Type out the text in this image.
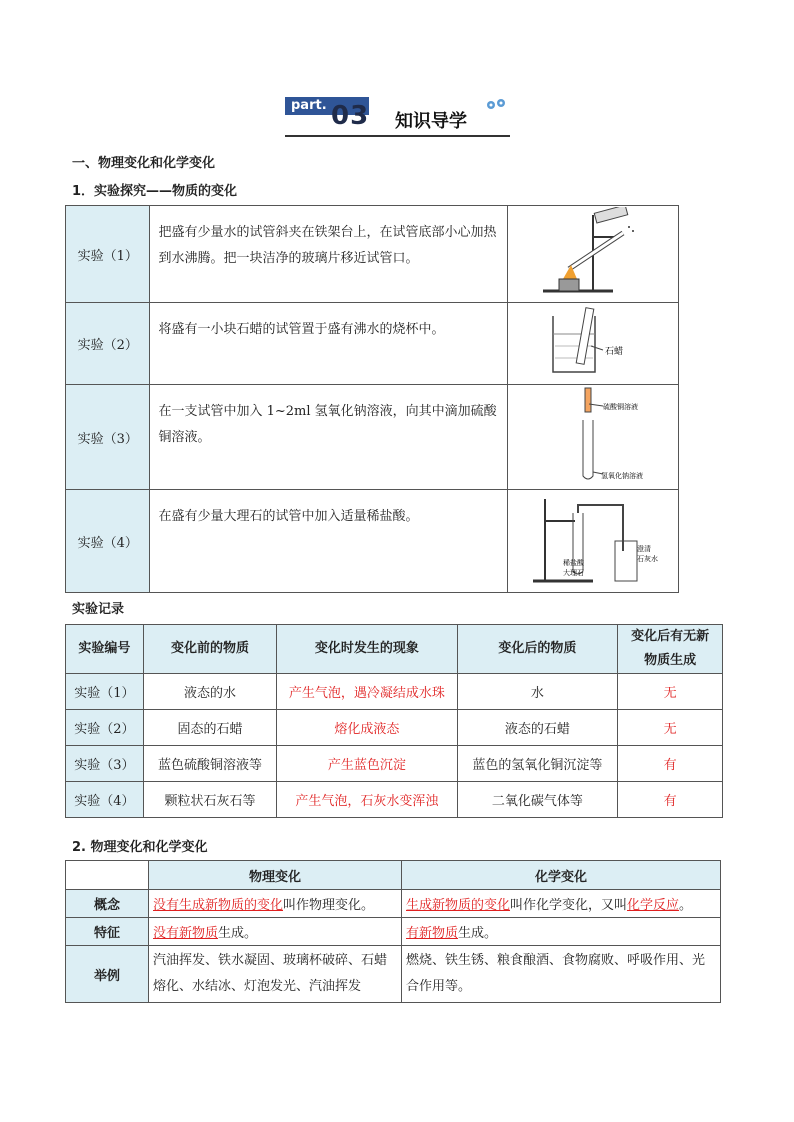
part. 03 知识导学
一、物理变化和化学变化
1．实验探究——物质的变化
实验（1）	把盛有少量水的试管斜夹在铁架台上，在试管底部小心加热到水沸腾。把一块洁净的玻璃片移近试管口。

实验（2）	将盛有一小块石蜡的试管置于盛有沸水的烧杯中。	石蜡

实验（3）	在一支试管中加入 1~2ml 氢氧化钠溶液，向其中滴加硫酸铜溶液。	硫酸铜溶液
氢氧化钠溶液

实验（4）	在盛有少量大理石的试管中加入适量稀盐酸。	稀盐酸
大理石
澄清
石灰水
实验记录
实验编号	变化前的物质	变化时发生的现象	变化后的物质	变化后有无新物质生成
实验（1）	液态的水	产生气泡，遇冷凝结成水珠	水	无
实验（2）	固态的石蜡	熔化成液态	液态的石蜡	无
实验（3）	蓝色硫酸铜溶液等	产生蓝色沉淀	蓝色的氢氧化铜沉淀等	有
实验（4）	颗粒状石灰石等	产生气泡，石灰水变浑浊	二氧化碳气体等	有
2. 物理变化和化学变化
	物理变化	化学变化
概念	没有生成新物质的变化叫作物理变化。	生成新物质的变化叫作化学变化，又叫化学反应。
特征	没有新物质生成。	有新物质生成。
举例	汽油挥发、铁水凝固、玻璃杯破碎、石蜡熔化、水结冰、灯泡发光、汽油挥发	燃烧、铁生锈、粮食酿酒、食物腐败、呼吸作用、光合作用等。
